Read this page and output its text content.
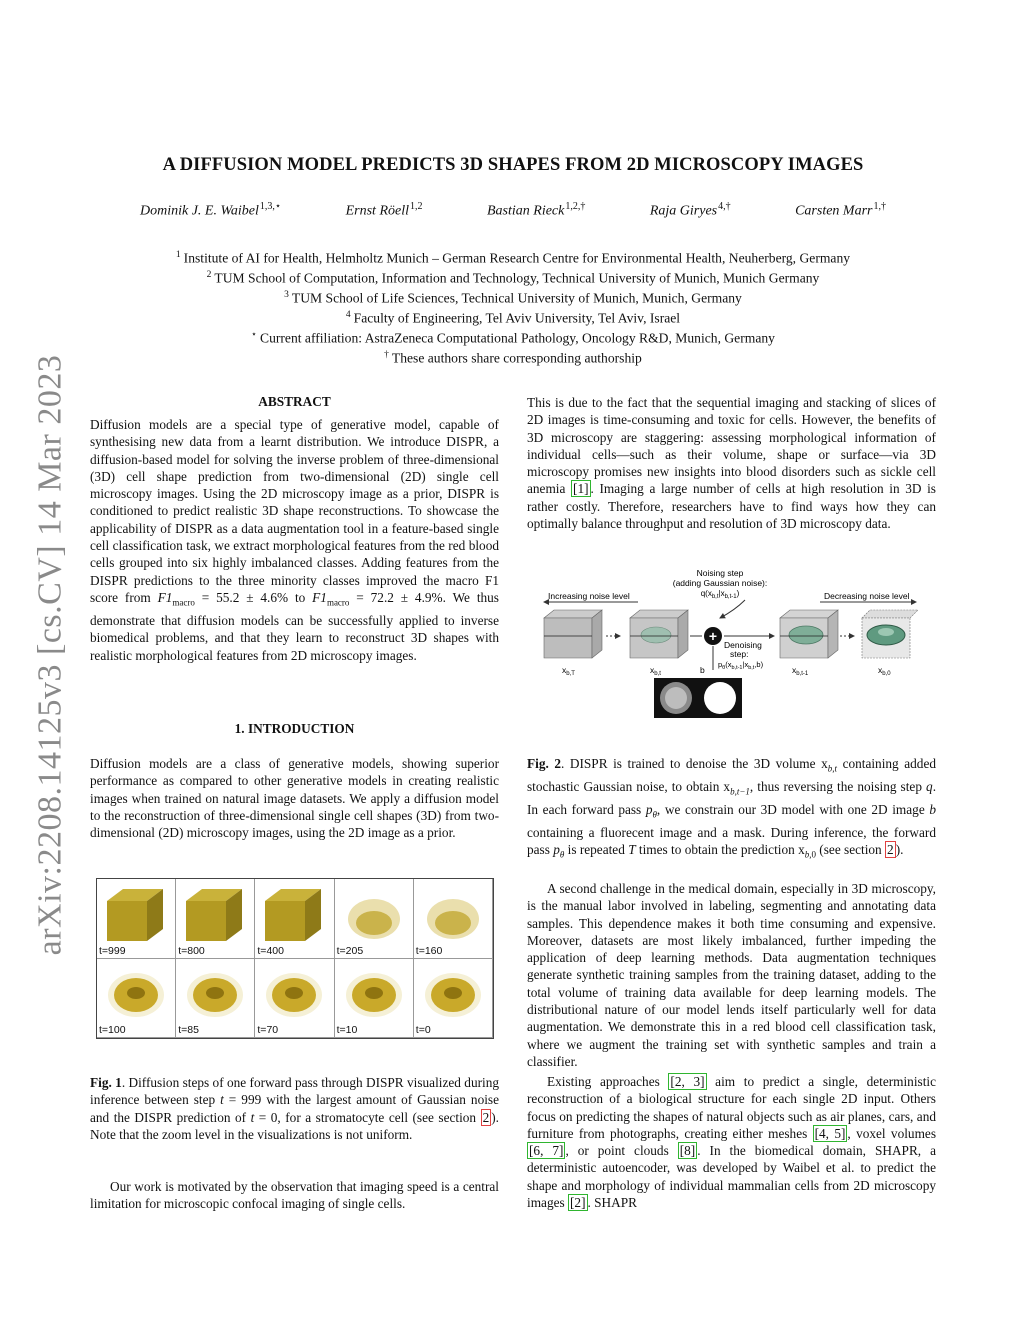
arXiv:2208.14125v3 [cs.CV] 14 Mar 2023
A DIFFUSION MODEL PREDICTS 3D SHAPES FROM 2D MICROSCOPY IMAGES
Dominik J. E. Waibel$^{1,3,⋆}$	Ernst Röell$^{1,2}$	Bastian Rieck$^{1,2,\dagger}$	Raja Giryes$^{4,\dagger}$	Carsten Marr$^{1,\dagger}$
$^1$ Institute of AI for Health, Helmholtz Munich – German Research Centre for Environmental Health, Neuherberg, Germany
$^2$ TUM School of Computation, Information and Technology, Technical University of Munich, Munich Germany
$^3$ TUM School of Life Sciences, Technical University of Munich, Munich, Germany
$^4$ Faculty of Engineering, Tel Aviv University, Tel Aviv, Israel
⋆ Current affiliation: AstraZeneca Computational Pathology, Oncology R&D, Munich, Germany
† These authors share corresponding authorship
ABSTRACT

Diffusion models are a special type of generative model, capable of synthesising new data from a learnt distribution. We introduce DISPR, a diffusion-based model for solving the inverse problem of three-dimensional (3D) cell shape prediction from two-dimensional (2D) single cell microscopy images. Using the 2D microscopy image as a prior, DISPR is conditioned to predict realistic 3D shape reconstructions. To showcase the applicability of DISPR as a data augmentation tool in a feature-based single cell classification task, we extract morphological features from the red blood cells grouped into six highly imbalanced classes. Adding features from the DISPR predictions to the three minority classes improved the macro F1 score from $F1_{macro} = 55.2 \pm 4.6\%$ to $F1_{macro} = 72.2 \pm 4.9\%$. We thus demonstrate that diffusion models can be successfully applied to inverse biomedical problems, and that they learn to reconstruct 3D shapes with realistic morphological features from 2D microscopy images.

1. INTRODUCTION

Diffusion models are a class of generative models, showing superior performance as compared to other generative models in creating realistic images when trained on natural image datasets. We apply a diffusion model to the reconstruction of three-dimensional single cell shapes (3D) from two-dimensional (2D) microscopy images, using the 2D image as a prior.

t=999	t=800	t=400	t=205	t=160
t=100	t=85	t=70	t=10	t=0

Fig. 1. Diffusion steps of one forward pass through DISPR visualized during inference between step t = 999 with the largest amount of Gaussian noise and the DISPR prediction of t = 0, for a stromatocyte cell (see section 2 ). Note that the zoom level in the visualizations is not uniform.

Our work is motivated by the observation that imaging speed is a central limitation for microscopic confocal imaging of single cells.

This is due to the fact that the sequential imaging and stacking of slices of 2D images is time-consuming and toxic for cells. However, the benefits of 3D microscopy are staggering: assessing morphological information of individual cells—such as their volume, shape or surface—via 3D microscopy promises new insights into blood disorders such as sickle cell anemia [1] . Imaging a large number of cells at high resolution in 3D is rather costly. Therefore, researchers have to find ways how they can optimally balance throughput and resolution of 3D microscopy data.

Noising step
(adding Gaussian noise):
$q(x_{b,t}|x_{b,t-1})$
Increasing noise level	Decreasing noise level
+
Denoising
step:
$p_\theta(x_{b,t-1}|x_{b,t},b)$
$x_{b,T}$	$x_{b,t}$	b	$x_{b,t-1}$	$x_{b,0}$

Fig. 2. DISPR is trained to denoise the 3D volume $x_{b,t}$ containing added stochastic Gaussian noise, to obtain $x_{b,t-1}$, thus reversing the noising step q. In each forward pass $p_\theta$, we constrain our 3D model with one 2D image b containing a fluorecent image and a mask. During inference, the forward pass $p_\theta$ is repeated T times to obtain the prediction $x_{b,0}$ (see section 2 ).

A second challenge in the medical domain, especially in 3D microscopy, is the manual labor involved in labeling, segmenting and annotating data samples. This dependence makes it both time consuming and expensive. Moreover, datasets are most likely imbalanced, further impeding the application of deep learning methods. Data augmentation techniques generate synthetic training samples from the training dataset, adding to the total volume of training data available for deep learning models. The distributional nature of our model lends itself particularly well for data augmentation. We demonstrate this in a red blood cell classification task, where we augment the training set with synthetic samples and train a classifier.

Existing approaches [2, 3] aim to predict a single, deterministic reconstruction of a biological structure for each single 2D input. Others focus on predicting the shapes of natural objects such as air planes, cars, and furniture from photographs, creating either meshes [4, 5] , voxel volumes [6, 7] , or point clouds [8] . In the biomedical domain, SHAPR, a deterministic autoencoder, was developed by Waibel et al. to predict the shape and morphology of individual mammalian cells from 2D microscopy images [2] . SHAPR
